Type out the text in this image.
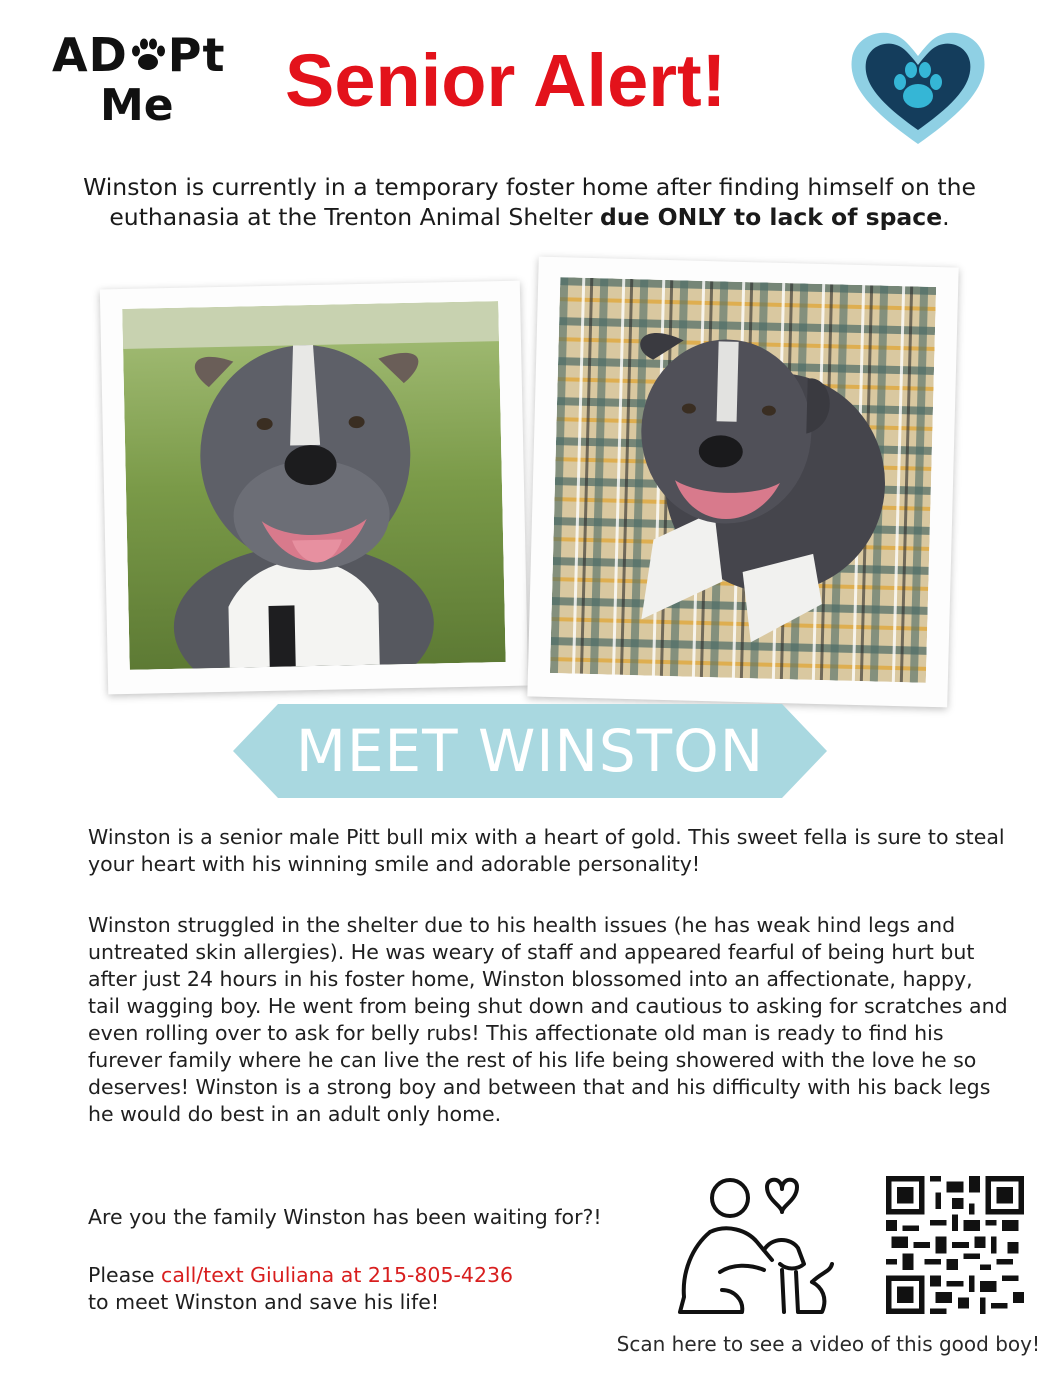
AD Pt
Me Senior Alert!
Winston is currently in a temporary foster home after finding himself on the euthanasia at the Trenton Animal Shelter due ONLY to lack of space.
MEET WINSTON
Winston is a senior male Pitt bull mix with a heart of gold. This sweet fella is sure to steal your heart with his winning smile and adorable personality!
Winston struggled in the shelter due to his health issues (he has weak hind legs and untreated skin allergies). He was weary of staff and appeared fearful of being hurt but after just 24 hours in his foster home, Winston blossomed into an affectionate, happy, tail wagging boy. He went from being shut down and cautious to asking for scratches and even rolling over to ask for belly rubs! This affectionate old man is ready to find his furever family where he can live the rest of his life being showered with the love he so deserves! Winston is a strong boy and between that and his difficulty with his back legs he would do best in an adult only home.
Are you the family Winston has been waiting for?!
Please call/text Giuliana at 215-805-4236
to meet Winston and save his life!
Scan here to see a video of this good boy!
